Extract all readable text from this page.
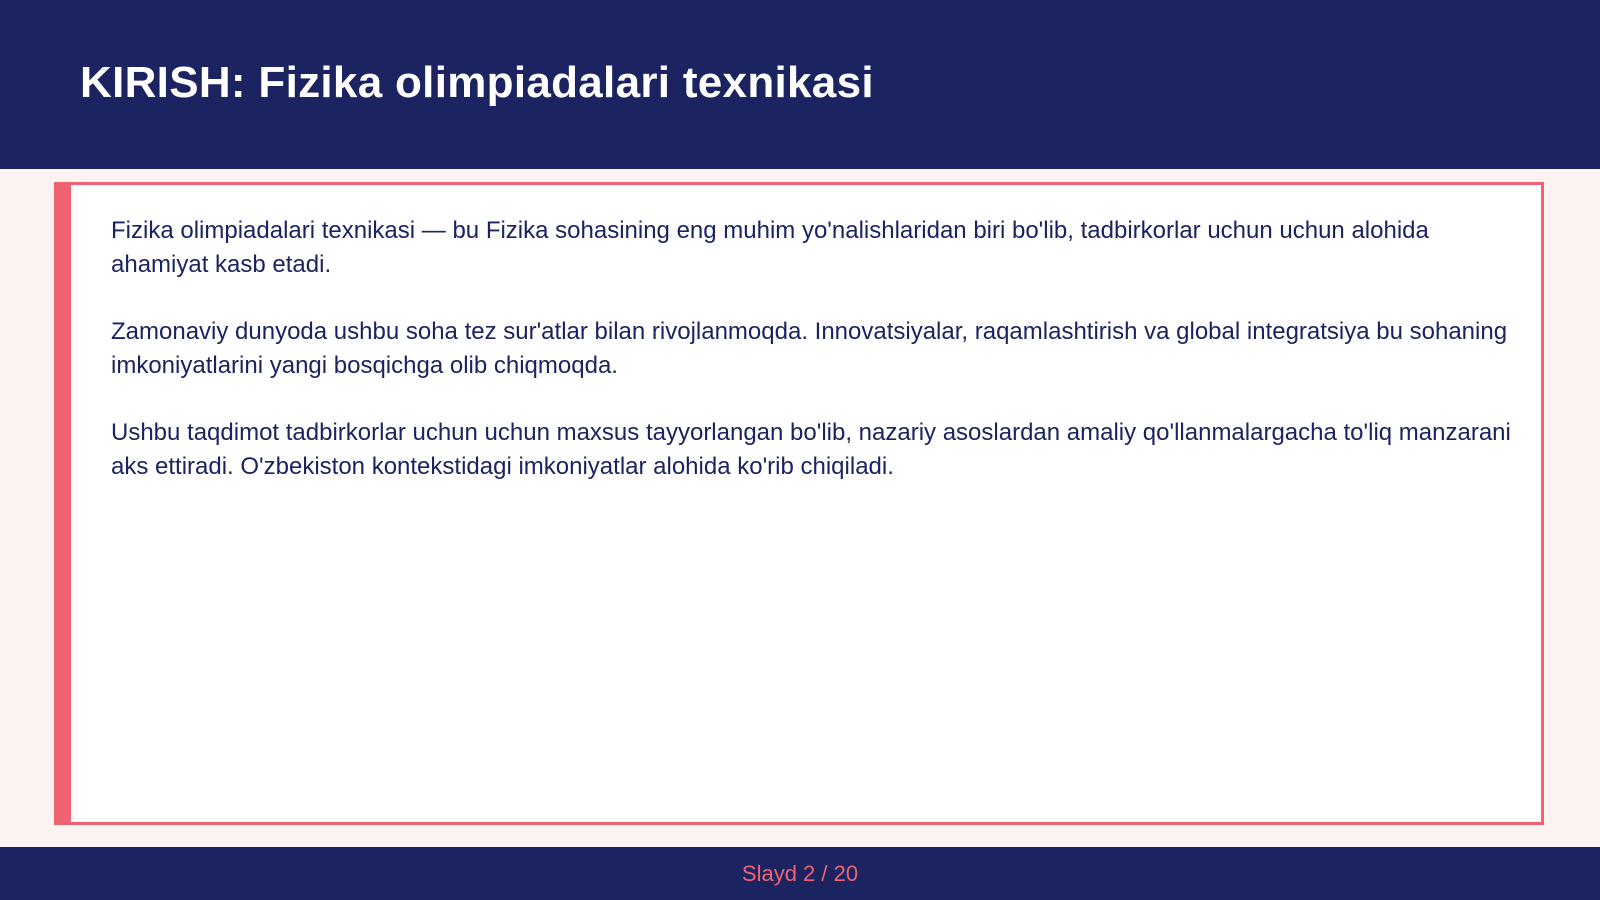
KIRISH: Fizika olimpiadalari texnikasi

Fizika olimpiadalari texnikasi — bu Fizika sohasining eng muhim yo'nalishlaridan biri bo'lib, tadbirkorlar uchun uchun alohida ahamiyat kasb etadi.

Zamonaviy dunyoda ushbu soha tez sur'atlar bilan rivojlanmoqda. Innovatsiyalar, raqamlashtirish va global integratsiya bu sohaning imkoniyatlarini yangi bosqichga olib chiqmoqda.

Ushbu taqdimot tadbirkorlar uchun uchun maxsus tayyorlangan bo'lib, nazariy asoslardan amaliy qo'llanmalargacha to'liq manzarani aks ettiradi. O'zbekiston kontekstidagi imkoniyatlar alohida ko'rib chiqiladi.

Slayd 2 / 20
